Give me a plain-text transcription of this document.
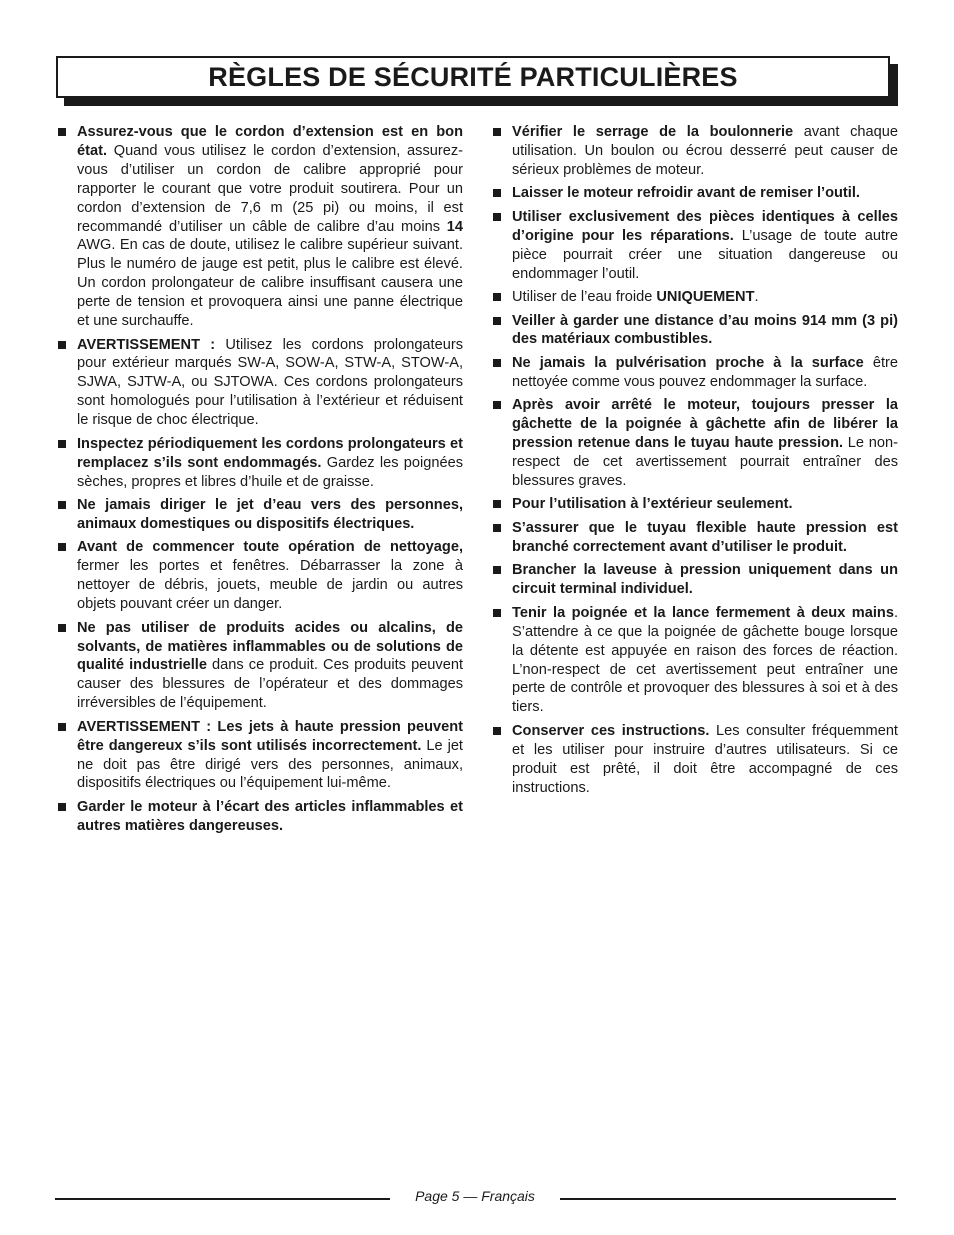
RÈGLES DE SÉCURITÉ PARTICULIÈRES
Assurez-vous que le cordon d’extension est en bon état. Quand vous utilisez le cordon d’extension, assurez-vous d’utiliser un cordon de calibre approprié pour rapporter le courant que votre produit soutirera. Pour un cordon d’extension de 7,6 m (25 pi) ou moins, il est recommandé d’utiliser un câble de calibre d’au moins 14 AWG. En cas de doute, utilisez le calibre supérieur suivant. Plus le numéro de jauge est petit, plus le calibre est élevé. Un cordon prolongateur de calibre insuffisant causera une perte de tension et provoquera ainsi une panne électrique et une surchauffe.
AVERTISSEMENT : Utilisez les cordons prolongateurs pour extérieur marqués SW-A, SOW-A, STW-A, STOW-A, SJWA, SJTW-A, ou SJTOWA. Ces cordons prolongateurs sont homologués pour l’utilisation à l’extérieur et réduisent le risque de choc électrique.
Inspectez périodiquement les cordons prolongateurs et remplacez s’ils sont endommagés. Gardez les poignées sèches, propres et libres d’huile et de graisse.
Ne jamais diriger le jet d’eau vers des personnes, animaux domestiques ou dispositifs électriques.
Avant de commencer toute opération de nettoyage, fermer les portes et fenêtres. Débarrasser la zone à nettoyer de débris, jouets, meuble de jardin ou autres objets pouvant créer un danger.
Ne pas utiliser de produits acides ou alcalins, de solvants, de matières inflammables ou de solutions de qualité industrielle dans ce produit. Ces produits peuvent causer des blessures de l’opérateur et des dommages irréversibles de l’équipement.
AVERTISSEMENT : Les jets à haute pression peuvent être dangereux s’ils sont utilisés incorrectement. Le jet ne doit pas être dirigé vers des personnes, animaux, dispositifs électriques ou l’équipement lui-même.
Garder le moteur à l’écart des articles inflammables et autres matières dangereuses.
Vérifier le serrage de la boulonnerie avant chaque utilisation. Un boulon ou écrou desserré peut causer de sérieux problèmes de moteur.
Laisser le moteur refroidir avant de remiser l’outil.
Utiliser exclusivement des pièces identiques à celles d’origine pour les réparations. L’usage de toute autre pièce pourrait créer une situation dangereuse ou endommager l’outil.
Utiliser de l’eau froide UNIQUEMENT.
Veiller à garder une distance d’au moins 914 mm (3 pi) des matériaux combustibles.
Ne jamais la pulvérisation proche à la surface être nettoyée comme vous pouvez endommager la surface.
Après avoir arrêté le moteur, toujours presser la gâchette de la poignée à gâchette afin de libérer la pression retenue dans le tuyau haute pression. Le non-respect de cet avertissement pourrait entraîner des blessures graves.
Pour l’utilisation à l’extérieur seulement.
S’assurer que le tuyau flexible haute pression est branché correctement avant d’utiliser le produit.
Brancher la laveuse à pression uniquement dans un circuit terminal individuel.
Tenir la poignée et la lance fermement à deux mains. S’attendre à ce que la poignée de gâchette bouge lorsque la détente est appuyée en raison des forces de réaction. L’non-respect de cet avertissement peut entraîner une perte de contrôle et provoquer des blessures à soi et à des tiers.
Conserver ces instructions. Les consulter fréquemment et les utiliser pour instruire d’autres utilisateurs. Si ce produit est prêté, il doit être accompagné de ces instructions.
Page 5 — Français
